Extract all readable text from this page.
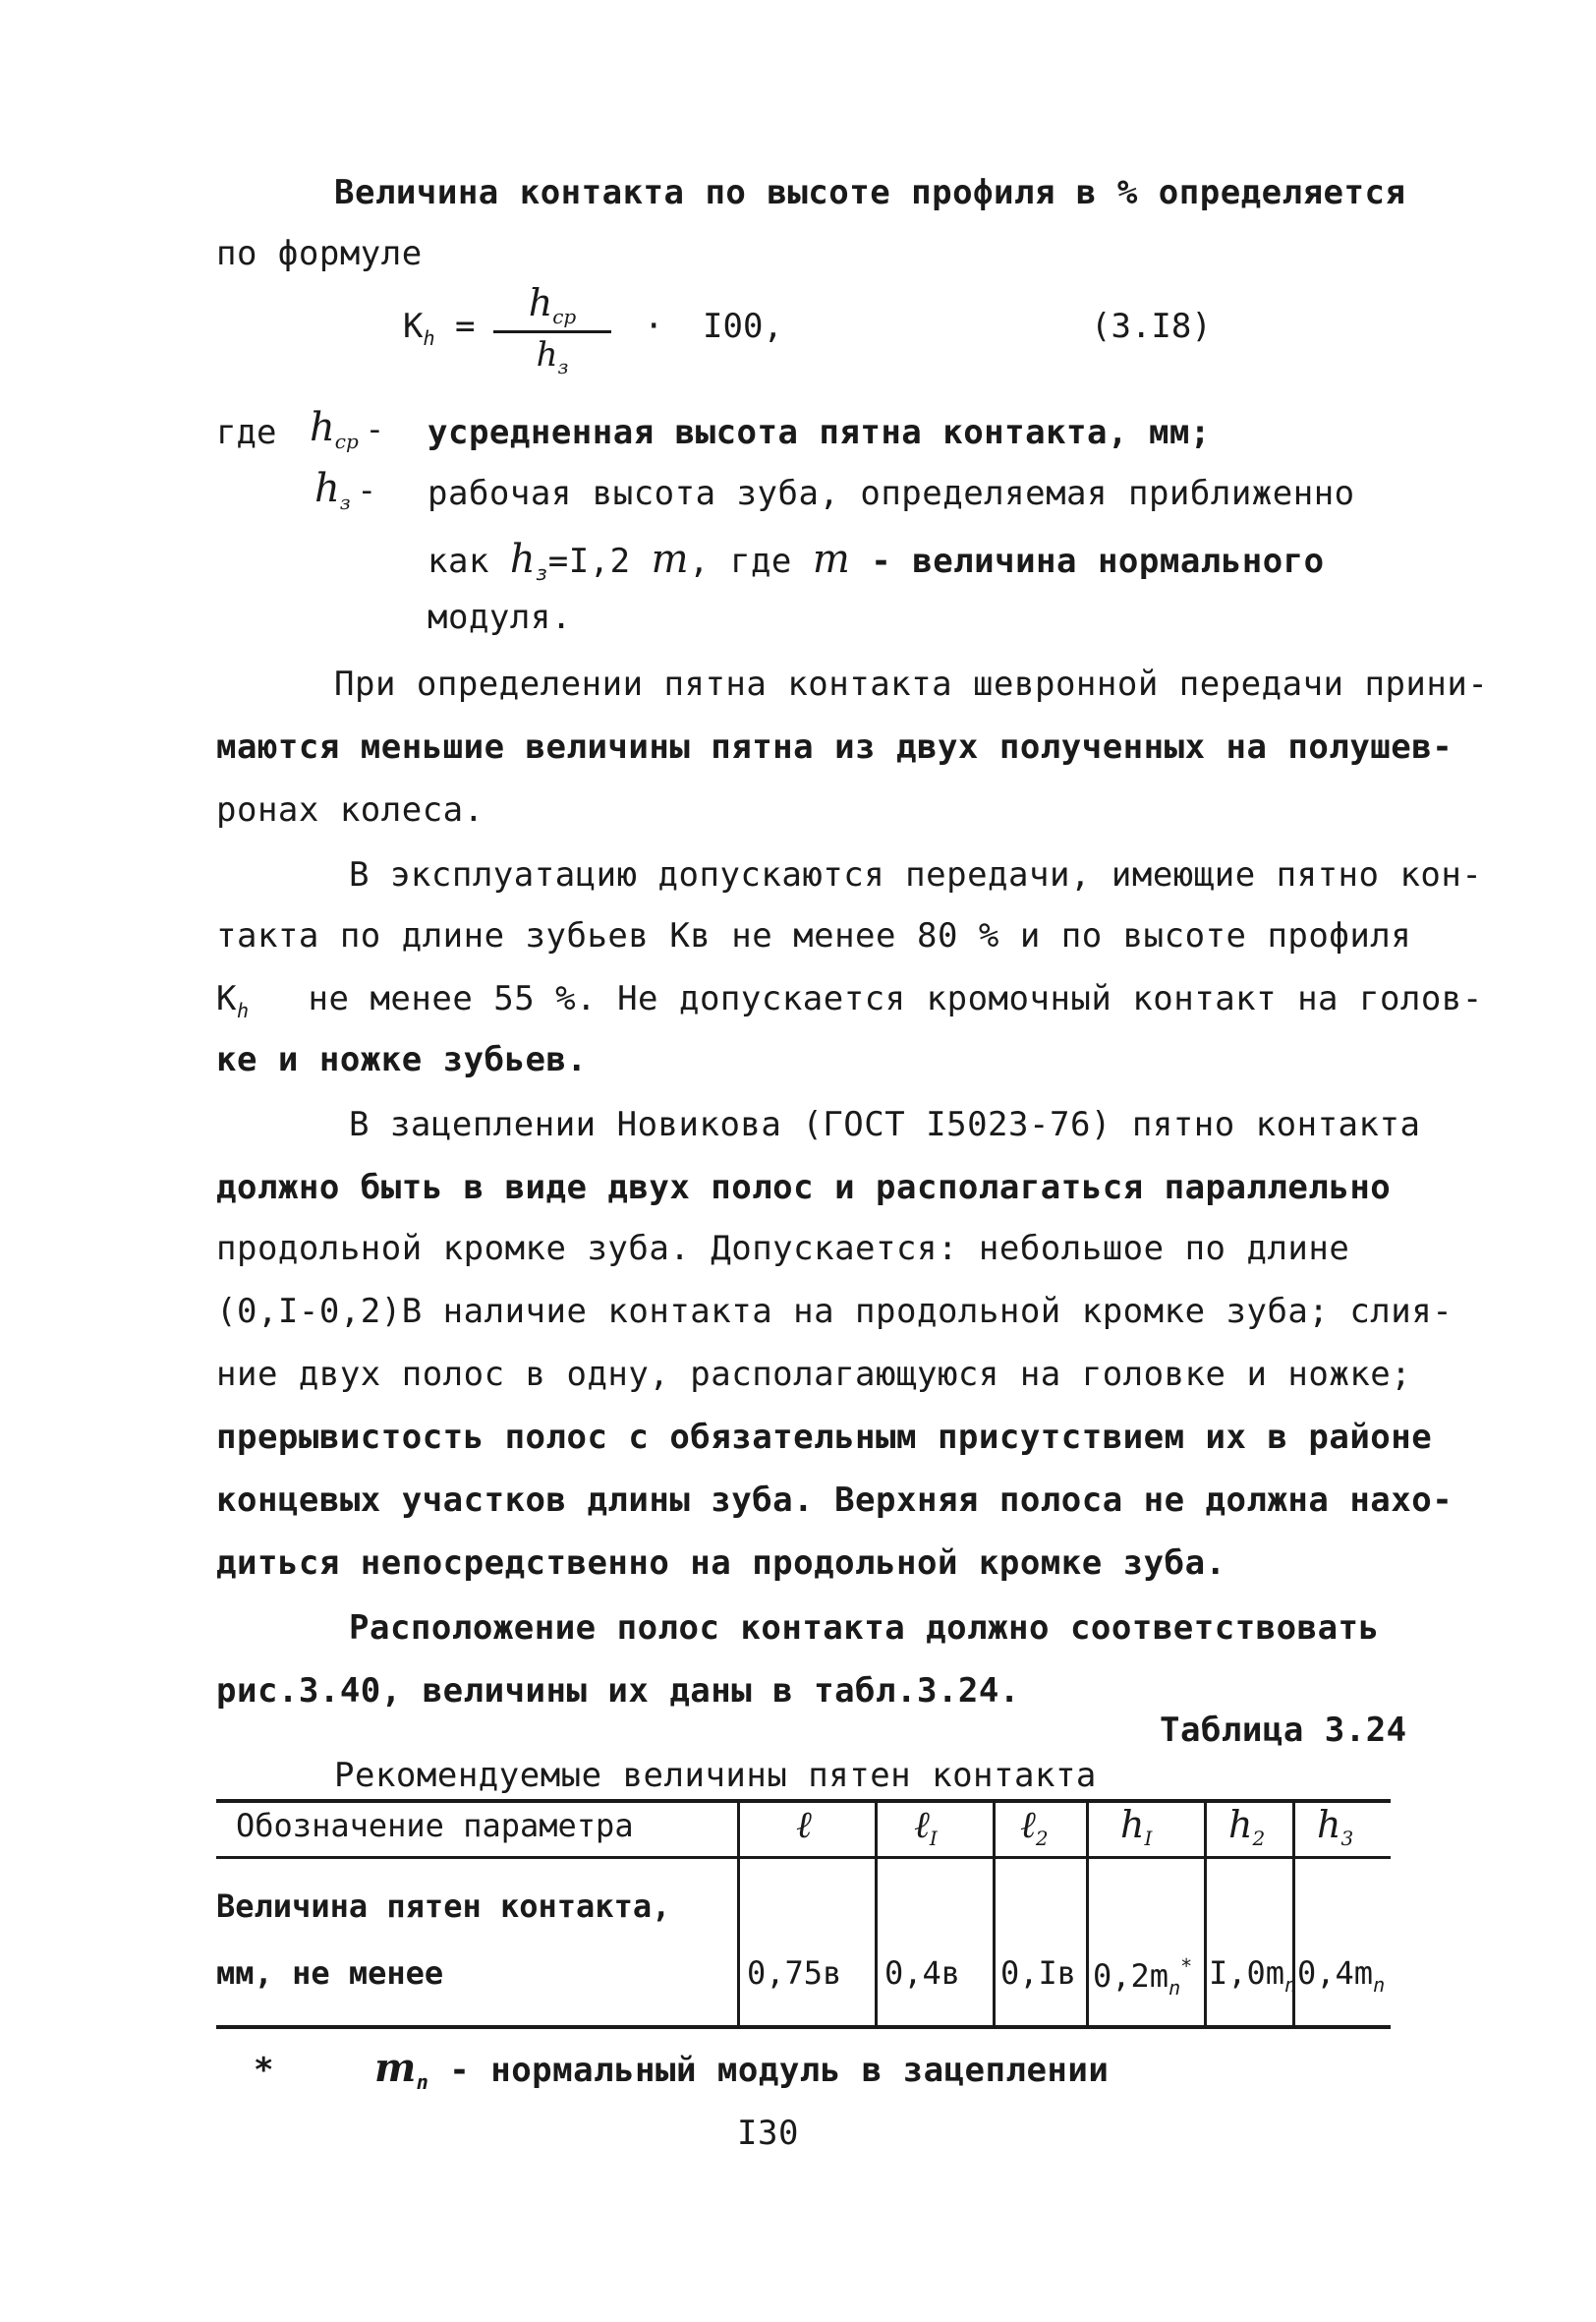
Величина контакта по высоте профиля в % определяется
по формуле
$K_h$ =
$h_{ср}$
$h_з$
· I00,	(3.I8)
где $h_{ср}$ - усредненная высота пятна контакта, мм;
$h_з$ - рабочая высота зуба, определяемая приближенно
как $h_з=I,2$ m, где m - величина нормального
модуля.
При определении пятна контакта шевронной передачи прини-
маются меньшие величины пятна из двух полученных на полушев-
ронах колеса.
В эксплуатацию допускаются передачи, имеющие пятно кон-
такта по длине зубьев Кв не менее 80 % и по высоте профиля
$K_h$ не менее 55 %. Не допускается кромочный контакт на голов-
ке и ножке зубьев.
В зацеплении Новикова (ГОСТ I5023-76) пятно контакта
должно быть в виде двух полос и располагаться параллельно
продольной кромке зуба. Допускается: небольшое по длине
(0,I-0,2)В наличие контакта на продольной кромке зуба; слия-
ние двух полос в одну, располагающуюся на головке и ножке;
прерывистость полос с обязательным присутствием их в районе
концевых участков длины зуба. Верхняя полоса не должна нахо-
диться непосредственно на продольной кромке зуба.
Расположение полос контакта должно соответствовать
рис.3.40, величины их даны в табл.3.24.
Таблица 3.24
Рекомендуемые величины пятен контакта
Обозначение параметра	ℓ	ℓ$_I$ ℓ$_2$ $h_I$ $h_2$ $h_3$
Величина пятен контакта,
мм, не менее	0,75в 0,4в 0,Iв $0,2m_n^*$ $I,0m_n$ $0,4m_n$
*	$m_n$ - нормальный модуль в зацеплении
I30
